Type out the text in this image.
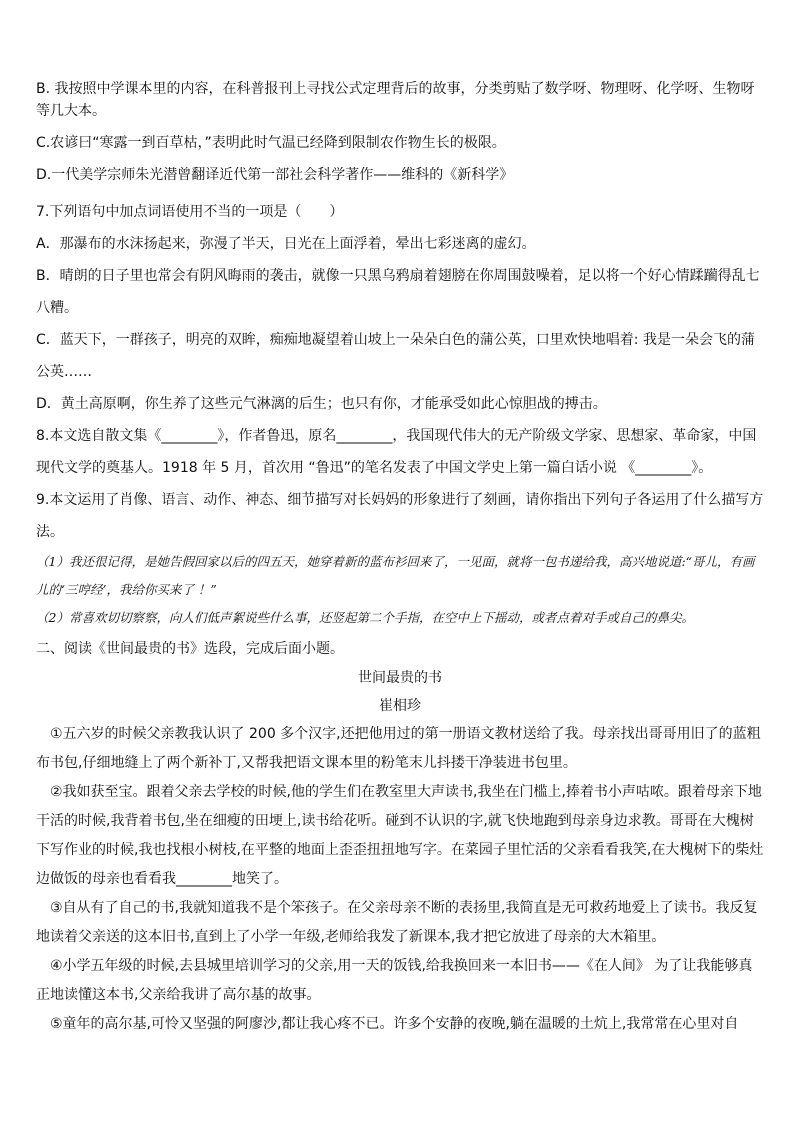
B. 我按照中学课本里的内容，在科普报刊上寻找公式定理背后的故事，分类剪贴了数学呀、物理呀、化学呀、生物呀等几大本。

C.农谚曰“寒露一到百草枯，”表明此时气温已经降到限制农作物生长的极限。

D.一代美学宗师朱光潜曾翻译近代第一部社会科学著作——维科的《新科学》

7.下列语句中加点词语使用不当的一项是（　　）

A．那瀑布的水沫扬起来，弥漫了半天，日光在上面浮着，晕出七彩迷离的虚幻。

B．晴朗的日子里也常会有阴风晦雨的袭击，就像一只黑乌鸦扇着翅膀在你周围鼓噪着，足以将一个好心情蹂躏得乱七八糟。

C．蓝天下，一群孩子，明亮的双眸，痴痴地凝望着山坡上一朵朵白色的蒲公英，口里欢快地唱着: 我是一朵会飞的蒲公英……

D．黄土高原啊，你生养了这些元气淋漓的后生；也只有你，才能承受如此心惊胆战的搏击。

8.本文选自散文集《________》，作者鲁迅，原名________，我国现代伟大的无产阶级文学家、思想家、革命家，中国现代文学的奠基人。1918 年 5 月，首次用 “鲁迅”的笔名发表了中国文学史上第一篇白话小说 《________》。

9.本文运用了肖像、语言、动作、神态、细节描写对长妈妈的形象进行了刻画，请你指出下列句子各运用了什么描写方法。

（1）我还很记得，是她告假回家以后的四五天，她穿着新的蓝布衫回来了，一见面，就将一包书递给我，高兴地说道:“哥儿，有画儿的‘三哼经’，我给你买来了 ！”

（2）常喜欢切切察察，向人们低声絮说些什么事，还竖起第二个手指，在空中上下摇动，或者点着对手或自己的鼻尖。

二、阅读《世间最贵的书》选段，完成后面小题。

世间最贵的书

崔相珍

①五六岁的时候父亲教我认识了 200 多个汉字,还把他用过的第一册语文教材送给了我。母亲找出哥哥用旧了的蓝粗布书包,仔细地缝上了两个新补丁,又帮我把语文课本里的粉笔末儿抖搂干净装进书包里。

②我如获至宝。跟着父亲去学校的时候,他的学生们在教室里大声读书,我坐在门槛上,捧着书小声咕哝。跟着母亲下地干活的时候,我背着书包,坐在细瘦的田埂上,读书给花听。碰到不认识的字,就飞快地跑到母亲身边求教。哥哥在大槐树下写作业的时候,我也找根小树枝,在平整的地面上歪歪扭扭地写字。在菜园子里忙活的父亲看看我笑,在大槐树下的柴灶边做饭的母亲也看看我________地笑了。

③自从有了自己的书,我就知道我不是个笨孩子。在父亲母亲不断的表扬里,我简直是无可救药地爱上了读书。我反复地读着父亲送的这本旧书,直到上了小学一年级,老师给我发了新课本,我才把它放进了母亲的大木箱里。

④小学五年级的时候,去县城里培训学习的父亲,用一天的饭钱,给我换回来一本旧书——《在人间》 为了让我能够真正地读懂这本书,父亲给我讲了高尔基的故事。

⑤童年的高尔基,可怜又坚强的阿廖沙,都让我心疼不已。许多个安静的夜晚,躺在温暖的土炕上,我常常在心里对自
